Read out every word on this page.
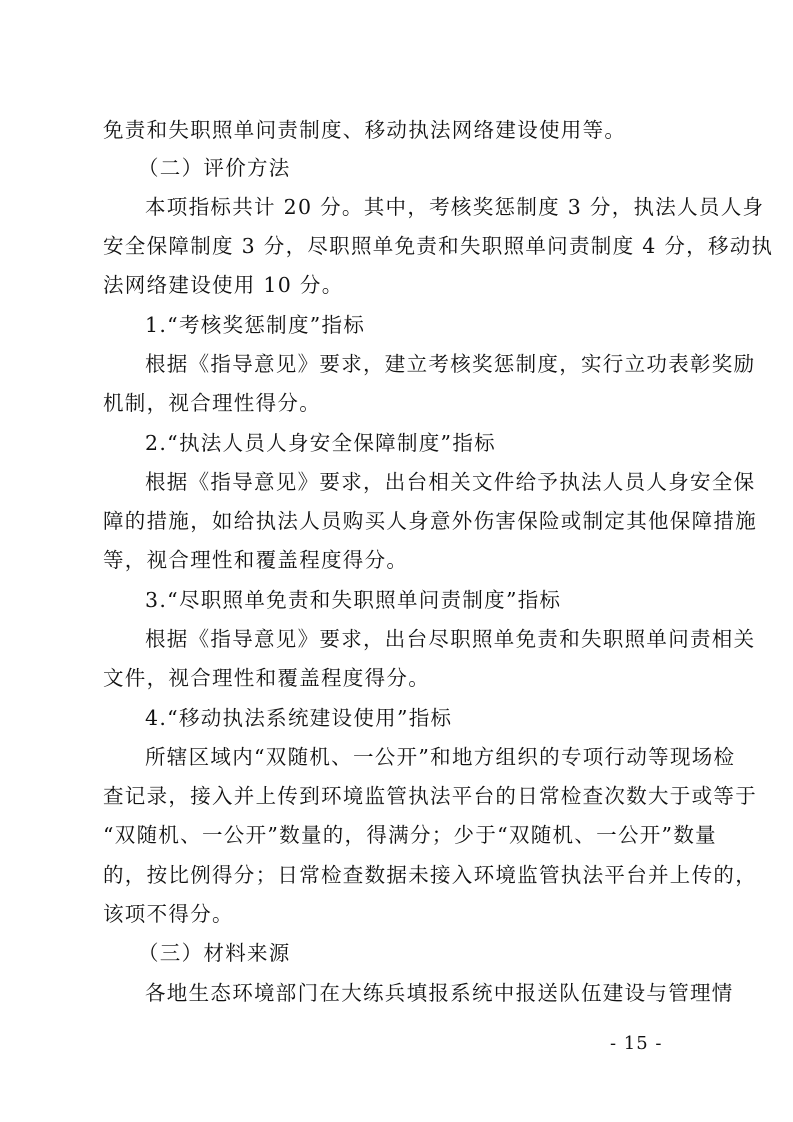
免责和失职照单问责制度、移动执法网络建设使用等。
（二）评价方法
本项指标共计 20 分。其中，考核奖惩制度 3 分，执法人员人身
安全保障制度 3 分，尽职照单免责和失职照单问责制度 4 分，移动执
法网络建设使用 10 分。
1.“考核奖惩制度”指标
根据《指导意见》要求，建立考核奖惩制度，实行立功表彰奖励
机制，视合理性得分。
2.“执法人员人身安全保障制度”指标
根据《指导意见》要求，出台相关文件给予执法人员人身安全保
障的措施，如给执法人员购买人身意外伤害保险或制定其他保障措施
等，视合理性和覆盖程度得分。
3.“尽职照单免责和失职照单问责制度”指标
根据《指导意见》要求，出台尽职照单免责和失职照单问责相关
文件，视合理性和覆盖程度得分。
4.“移动执法系统建设使用”指标
所辖区域内“双随机、一公开”和地方组织的专项行动等现场检
查记录，接入并上传到环境监管执法平台的日常检查次数大于或等于
“双随机、一公开”数量的，得满分；少于“双随机、一公开”数量
的，按比例得分；日常检查数据未接入环境监管执法平台并上传的，
该项不得分。
（三）材料来源
各地生态环境部门在大练兵填报系统中报送队伍建设与管理情
- 15 -
